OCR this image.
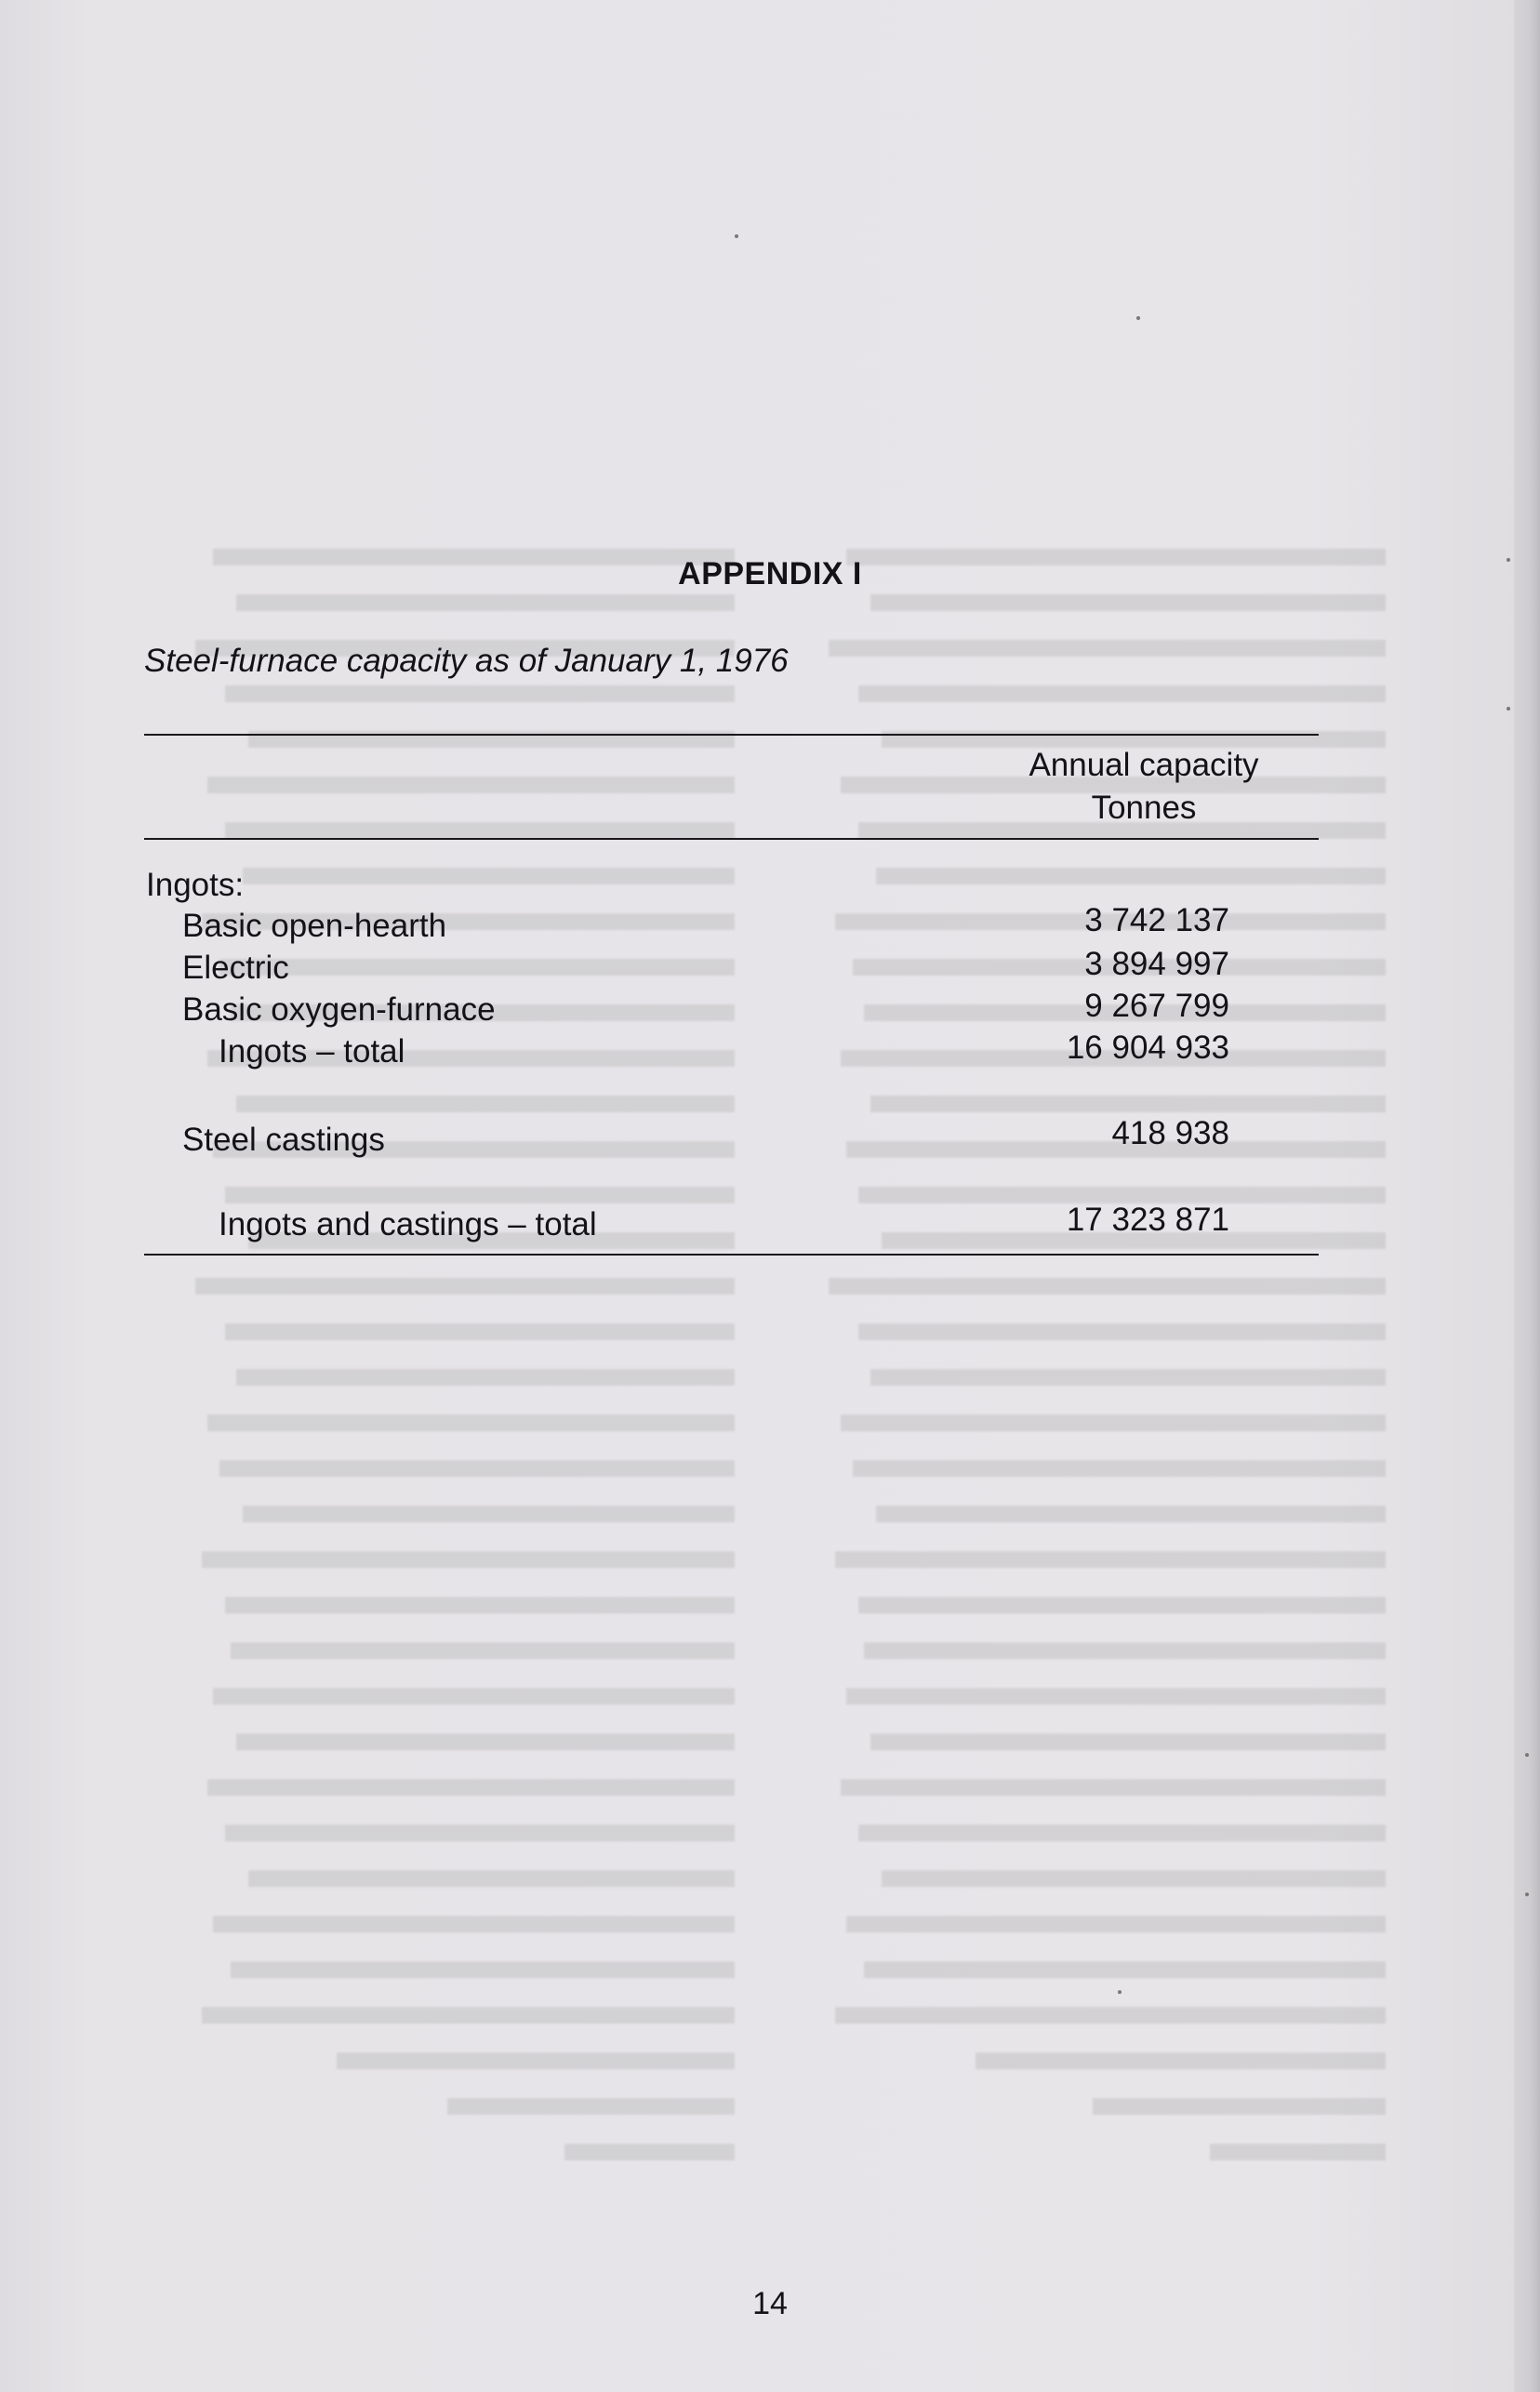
APPENDIX I
Steel-furnace capacity as of January 1, 1976
Annual capacity
Tonnes
Ingots:
Basic open-hearth	3 742 137
Electric	3 894 997
Basic oxygen-furnace	9 267 799
Ingots – total	16 904 933
Steel castings	418 938
Ingots and castings – total	17 323 871
14
